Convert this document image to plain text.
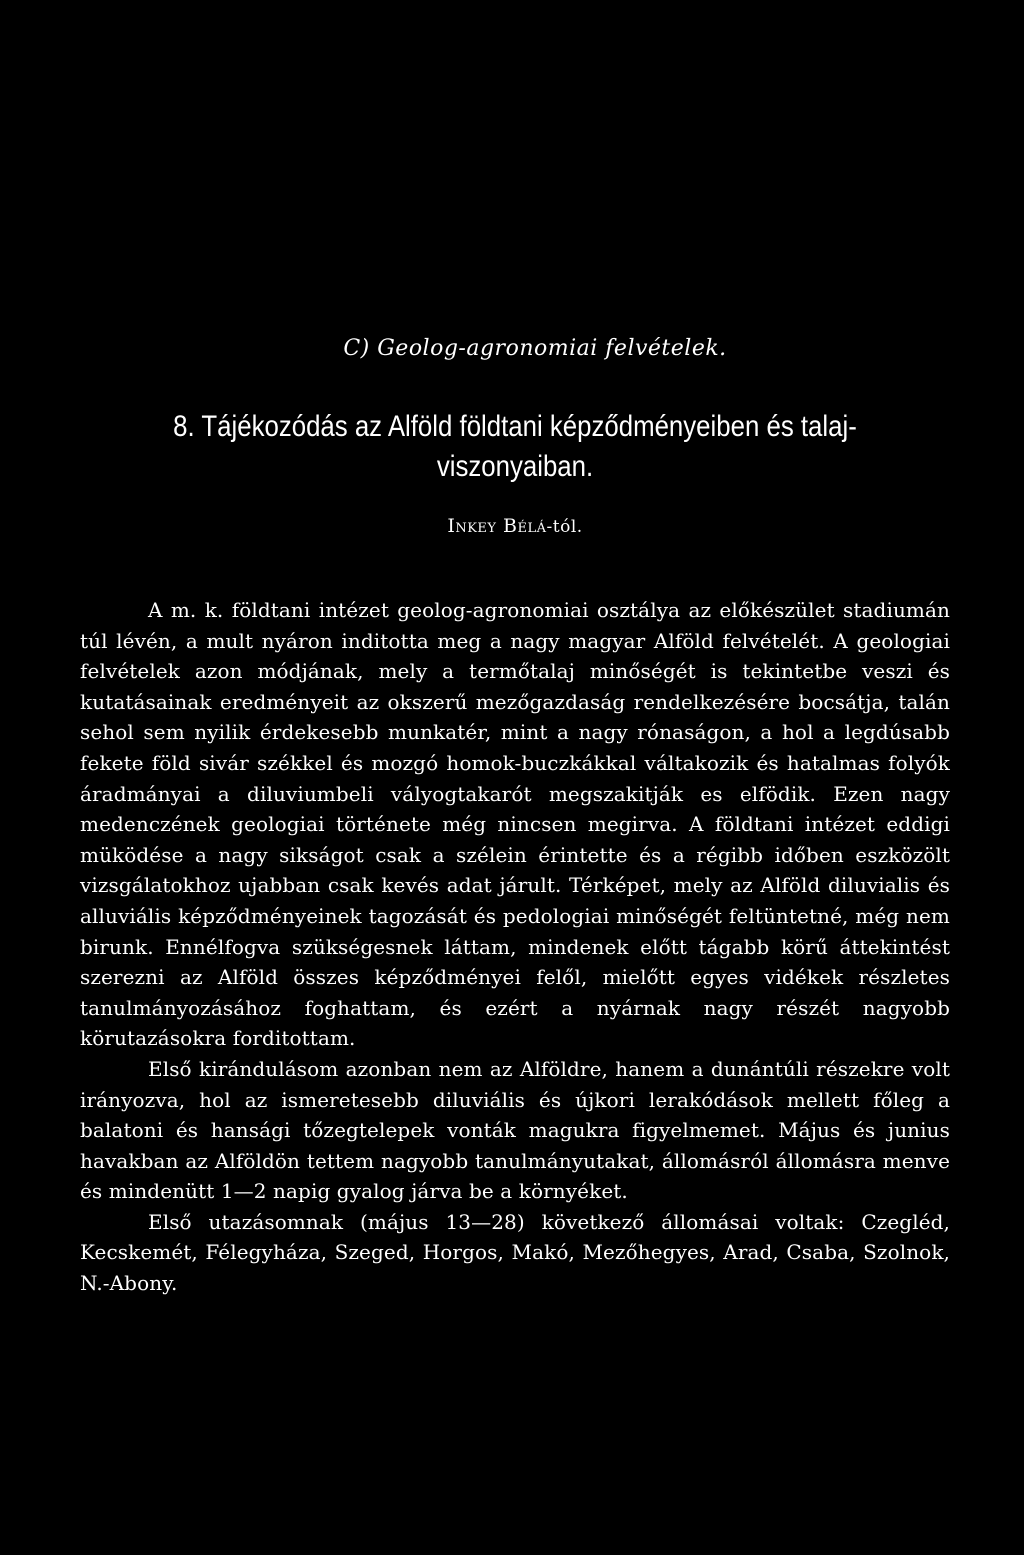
C) Geolog-agronomiai felvételek.
8. Tájékozódás az Alföld földtani képződményeiben és talaj-viszonyaiban.
Inkey Bélá-tól.

A m. k. földtani intézet geolog-agronomiai osztálya az előkészület stadiumán túl lévén, a mult nyáron inditotta meg a nagy magyar Alföld felvételét. A geologiai felvételek azon módjának, mely a termőtalaj minőségét is tekintetbe veszi és kutatásainak eredményeit az okszerű mezőgazdaság rendelkezésére bocsátja, talán sehol sem nyilik érdekesebb munkatér, mint a nagy rónaságon, a hol a legdúsabb fekete föld sivár székkel és mozgó homok-buczkákkal váltakozik és hatalmas folyók áradmányai a diluviumbeli vályogtakarót megszakitják es elfödik. Ezen nagy medenczének geologiai története még nincsen megirva. A földtani intézet eddigi müködése a nagy sikságot csak a szélein érintette és a régibb időben eszközölt vizsgálatokhoz ujabban csak kevés adat járult. Térképet, mely az Alföld diluvialis és alluviális képződményeinek tagozását és pedologiai minőségét feltüntetné, még nem birunk. Ennélfogva szükségesnek láttam, mindenek előtt tágabb körű áttekintést szerezni az Alföld összes képződményei felől, mielőtt egyes vidékek részletes tanulmányozásához foghattam, és ezért a nyárnak nagy részét nagyobb körutazásokra forditottam.

Első kirándulásom azonban nem az Alföldre, hanem a dunántúli részekre volt irányozva, hol az ismeretesebb diluviális és újkori lerakódások mellett főleg a balatoni és hansági tőzegtelepek vonták magukra figyelmemet. Május és junius havakban az Alföldön tettem nagyobb tanulmányutakat, állomásról állomásra menve és mindenütt 1—2 napig gyalog járva be a környéket.

Első utazásomnak (május 13—28) következő állomásai voltak: Czegléd, Kecskemét, Félegyháza, Szeged, Horgos, Makó, Mezőhegyes, Arad, Csaba, Szolnok, N.-Abony.
